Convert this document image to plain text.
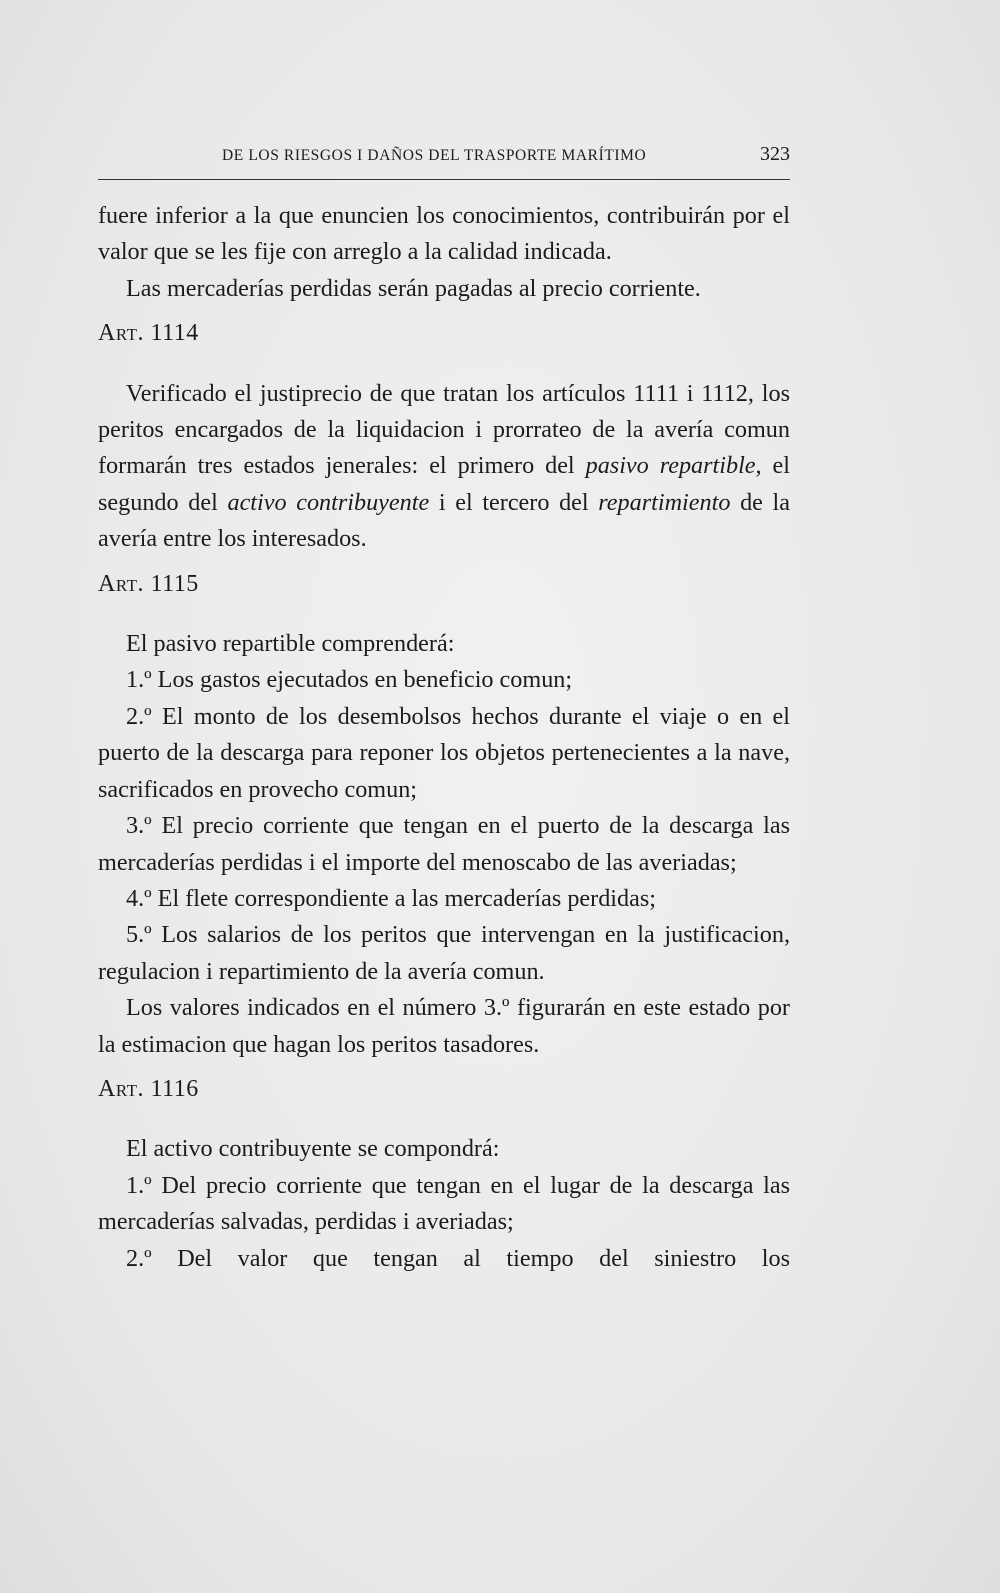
DE LOS RIESGOS I DAÑOS DEL TRASPORTE MARÍTIMO	323

fuere inferior a la que enuncien los conocimientos, contribuirán por el valor que se les fije con arreglo a la calidad indicada.

Las mercaderías perdidas serán pagadas al precio corriente.

Art. 1114

Verificado el justiprecio de que tratan los artículos 1111 i 1112, los peritos encargados de la liquidacion i prorrateo de la avería comun formarán tres estados jenerales: el primero del pasivo repartible, el segundo del activo contribuyente i el tercero del repartimiento de la avería entre los interesados.

Art. 1115

El pasivo repartible comprenderá:

1.º Los gastos ejecutados en beneficio comun;

2.º El monto de los desembolsos hechos durante el viaje o en el puerto de la descarga para reponer los objetos pertenecientes a la nave, sacrificados en provecho comun;

3.º El precio corriente que tengan en el puerto de la descarga las mercaderías perdidas i el importe del menoscabo de las averiadas;

4.º El flete correspondiente a las mercaderías perdidas;

5.º Los salarios de los peritos que intervengan en la justificacion, regulacion i repartimiento de la avería comun.

Los valores indicados en el número 3.º figurarán en este estado por la estimacion que hagan los peritos tasadores.

Art. 1116

El activo contribuyente se compondrá:

1.º Del precio corriente que tengan en el lugar de la descarga las mercaderías salvadas, perdidas i averiadas;

2.º Del valor que tengan al tiempo del siniestro los
